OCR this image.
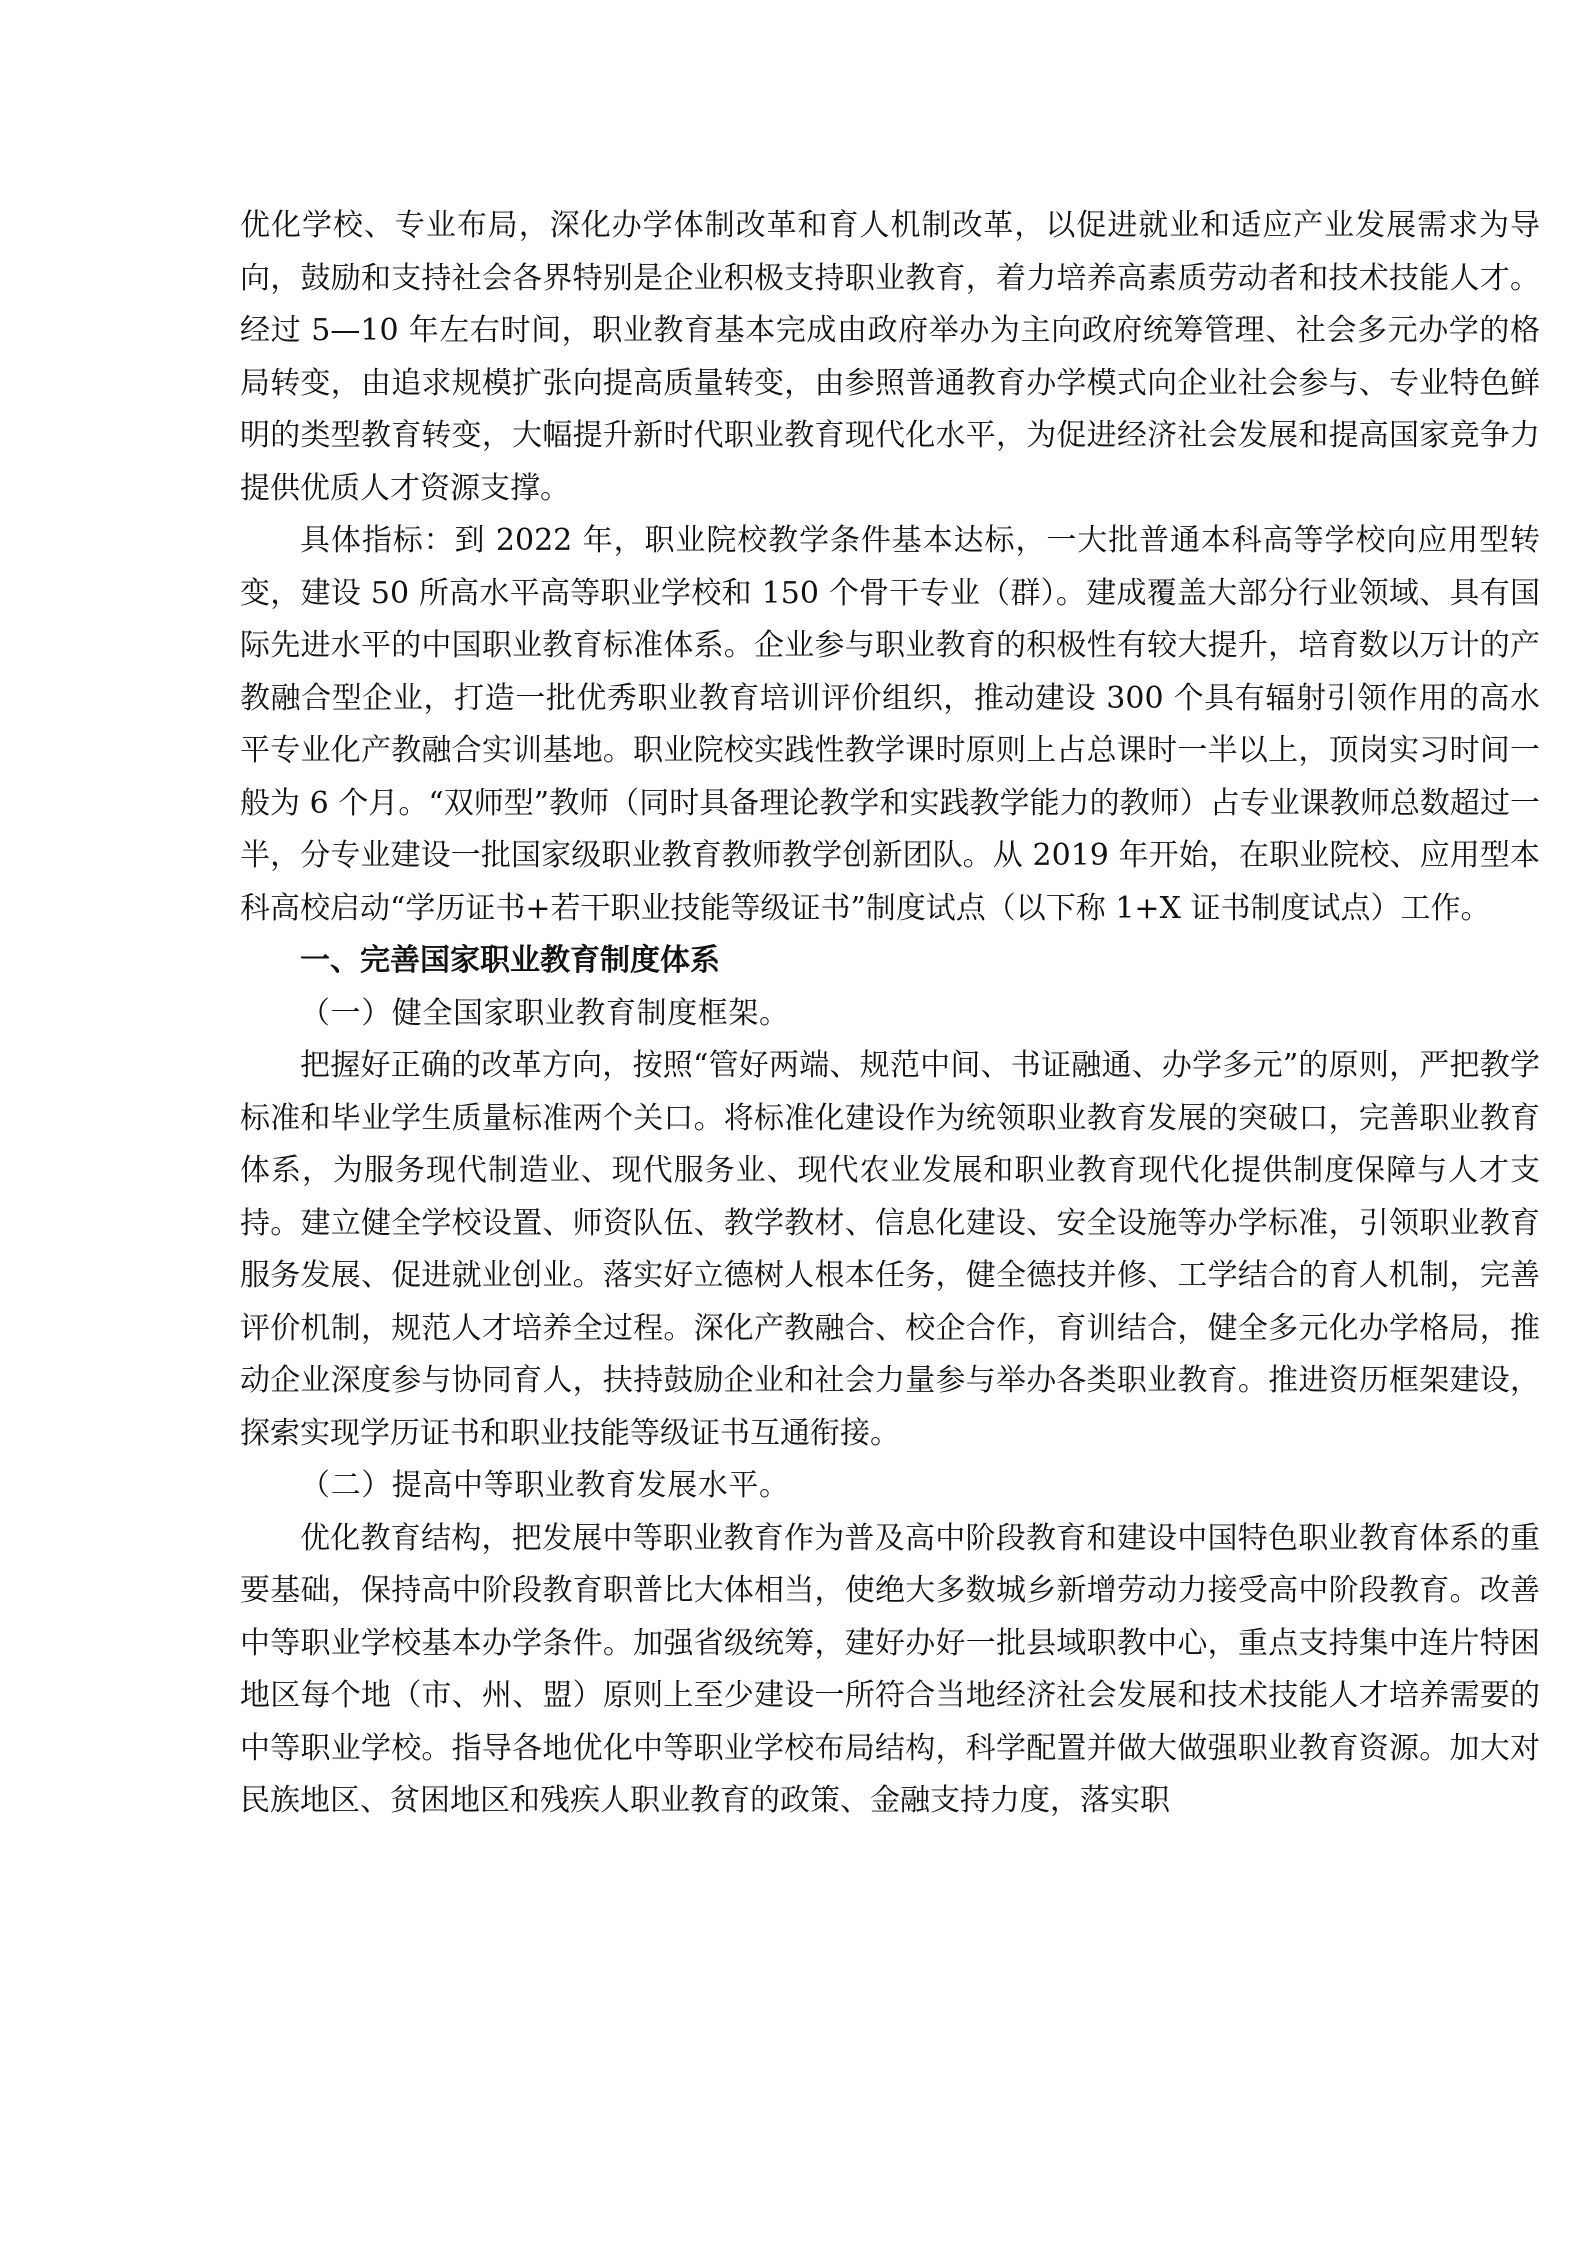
优化学校、专业布局，深化办学体制改革和育人机制改革，以促进就业和适应产业发展需求为导向，鼓励和支持社会各界特别是企业积极支持职业教育，着力培养高素质劳动者和技术技能人才。经过 5—10 年左右时间，职业教育基本完成由政府举办为主向政府统筹管理、社会多元办学的格局转变，由追求规模扩张向提高质量转变，由参照普通教育办学模式向企业社会参与、专业特色鲜明的类型教育转变，大幅提升新时代职业教育现代化水平，为促进经济社会发展和提高国家竞争力提供优质人才资源支撑。

具体指标：到 2022 年，职业院校教学条件基本达标，一大批普通本科高等学校向应用型转变，建设 50 所高水平高等职业学校和 150 个骨干专业（群）。建成覆盖大部分行业领域、具有国际先进水平的中国职业教育标准体系。企业参与职业教育的积极性有较大提升，培育数以万计的产教融合型企业，打造一批优秀职业教育培训评价组织，推动建设 300 个具有辐射引领作用的高水平专业化产教融合实训基地。职业院校实践性教学课时原则上占总课时一半以上，顶岗实习时间一般为 6 个月。“双师型”教师（同时具备理论教学和实践教学能力的教师）占专业课教师总数超过一半，分专业建设一批国家级职业教育教师教学创新团队。从 2019 年开始，在职业院校、应用型本科高校启动“学历证书+若干职业技能等级证书”制度试点（以下称 1+X 证书制度试点）工作。

一、完善国家职业教育制度体系

（一）健全国家职业教育制度框架。

把握好正确的改革方向，按照“管好两端、规范中间、书证融通、办学多元”的原则，严把教学标准和毕业学生质量标准两个关口。将标准化建设作为统领职业教育发展的突破口，完善职业教育体系，为服务现代制造业、现代服务业、现代农业发展和职业教育现代化提供制度保障与人才支持。建立健全学校设置、师资队伍、教学教材、信息化建设、安全设施等办学标准，引领职业教育服务发展、促进就业创业。落实好立德树人根本任务，健全德技并修、工学结合的育人机制，完善评价机制，规范人才培养全过程。深化产教融合、校企合作，育训结合，健全多元化办学格局，推动企业深度参与协同育人，扶持鼓励企业和社会力量参与举办各类职业教育。推进资历框架建设，探索实现学历证书和职业技能等级证书互通衔接。

（二）提高中等职业教育发展水平。

优化教育结构，把发展中等职业教育作为普及高中阶段教育和建设中国特色职业教育体系的重要基础，保持高中阶段教育职普比大体相当，使绝大多数城乡新增劳动力接受高中阶段教育。改善中等职业学校基本办学条件。加强省级统筹，建好办好一批县域职教中心，重点支持集中连片特困地区每个地（市、州、盟）原则上至少建设一所符合当地经济社会发展和技术技能人才培养需要的中等职业学校。指导各地优化中等职业学校布局结构，科学配置并做大做强职业教育资源。加大对民族地区、贫困地区和残疾人职业教育的政策、金融支持力度，落实职
